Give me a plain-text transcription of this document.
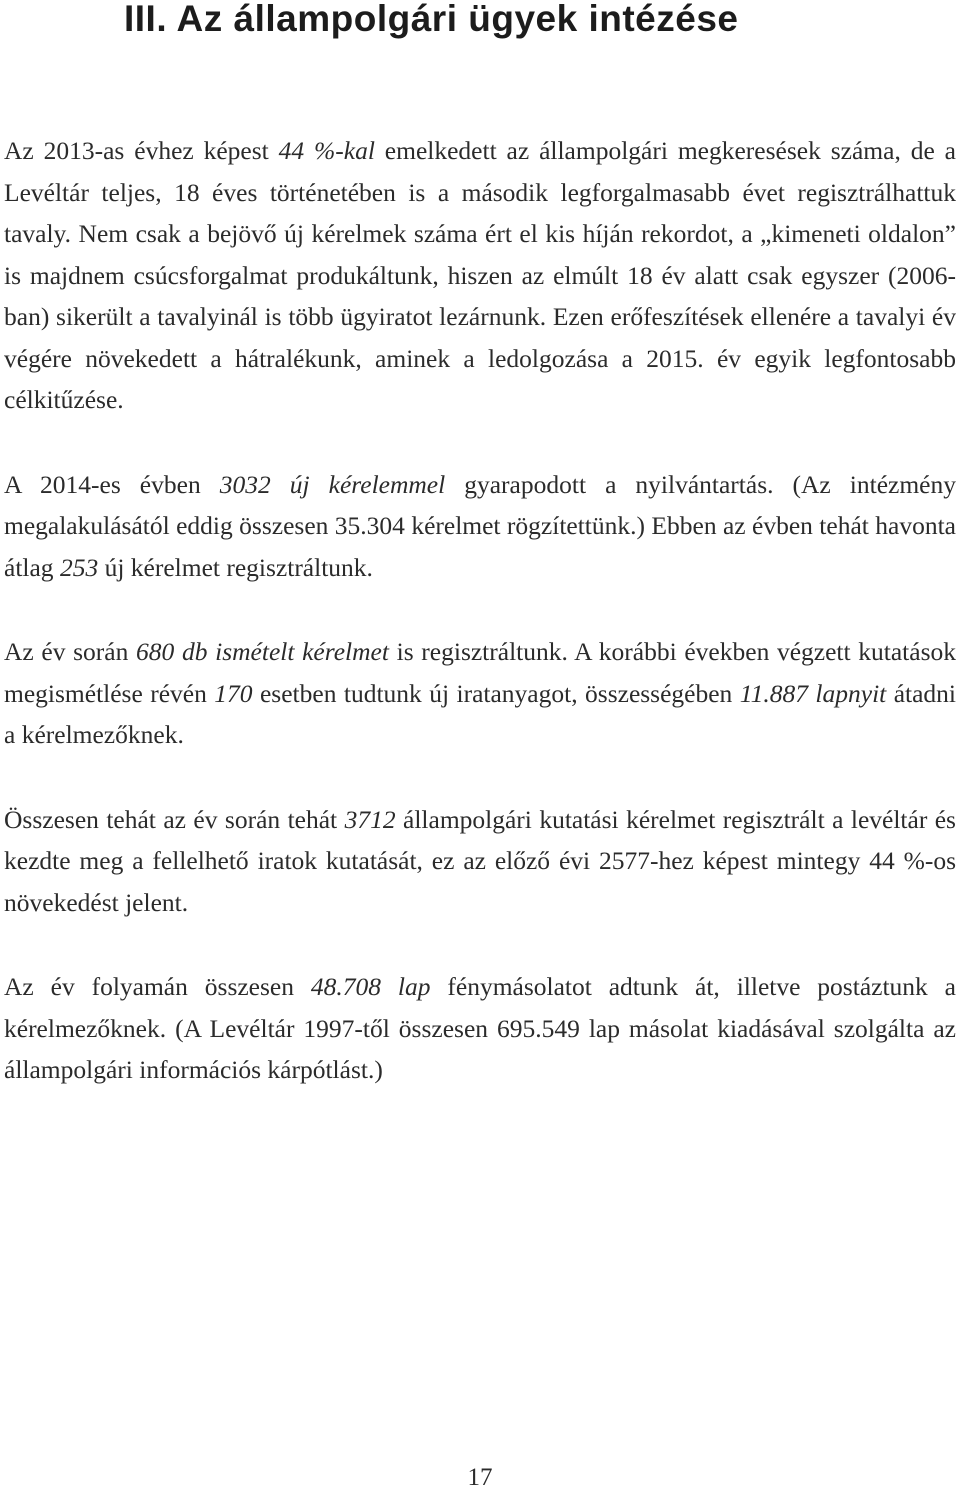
III. Az állampolgári ügyek intézése

Az 2013-as évhez képest 44 %-kal emelkedett az állampolgári megkeresések száma, de a Levéltár teljes, 18 éves történetében is a második legforgalmasabb évet regisztrálhattuk tavaly. Nem csak a bejövő új kérelmek száma ért el kis híján rekordot, a „kimeneti oldalon” is majdnem csúcsforgalmat produkáltunk, hiszen az elmúlt 18 év alatt csak egyszer (2006-ban) sikerült a tavalyinál is több ügyiratot lezárnunk. Ezen erőfeszítések ellenére a tavalyi év végére növekedett a hátralékunk, aminek a ledolgozása a 2015. év egyik legfontosabb célkitűzése.

A 2014-es évben 3032 új kérelemmel gyarapodott a nyilvántartás. (Az intézmény megalakulásától eddig összesen 35.304 kérelmet rögzítettünk.) Ebben az évben tehát havonta átlag 253 új kérelmet regisztráltunk.

Az év során 680 db ismételt kérelmet is regisztráltunk. A korábbi években végzett kutatások megismétlése révén 170 esetben tudtunk új iratanyagot, összességében 11.887 lapnyit átadni a kérelmezőknek.

Összesen tehát az év során tehát 3712 állampolgári kutatási kérelmet regisztrált a levéltár és kezdte meg a fellelhető iratok kutatását, ez az előző évi 2577-hez képest mintegy 44 %-os növekedést jelent.

Az év folyamán összesen 48.708 lap fénymásolatot adtunk át, illetve postáztunk a kérelmezőknek. (A Levéltár 1997-től összesen 695.549 lap másolat kiadásával szolgálta az állampolgári információs kárpótlást.)

17
